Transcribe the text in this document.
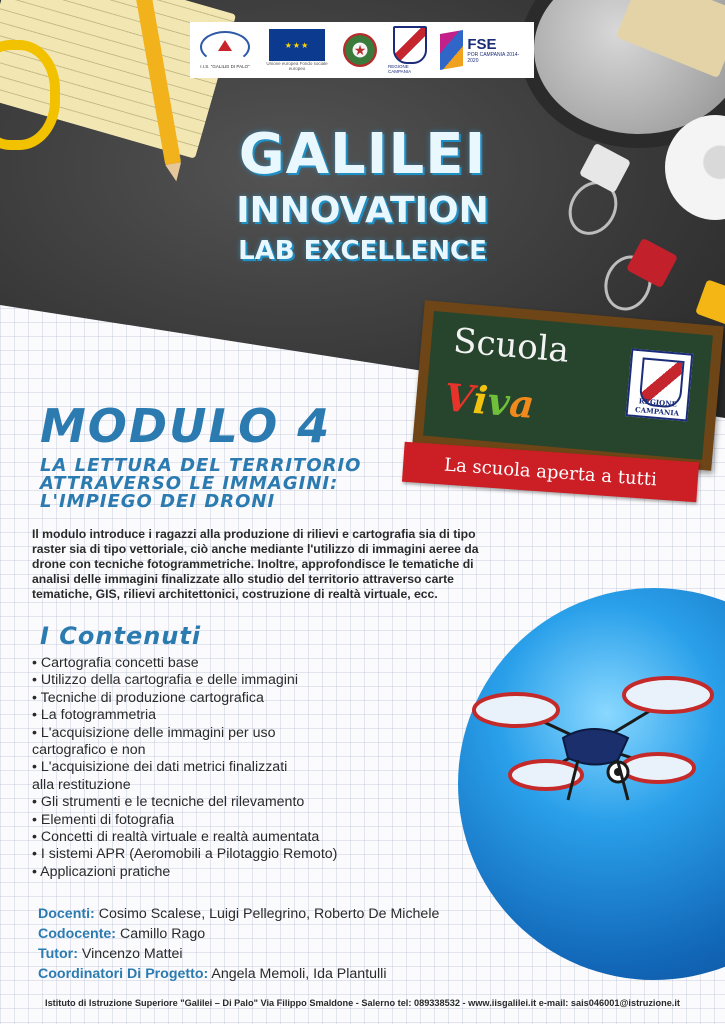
I.I.S. "GALILEI DI PALO"
★★★
Unione europea Fondo sociale europeo
★
REGIONE CAMPANIA
FSE
POR CAMPANIA 2014-2020
GALILEI
INNOVATION
LAB EXCELLENCE
Scuola
Viva	REGIONE CAMPANIA
La scuola aperta a tutti
MODULO 4
LA LETTURA DEL TERRITORIO
ATTRAVERSO LE IMMAGINI:
L'IMPIEGO DEI DRONI
Il modulo introduce i ragazzi alla produzione di rilievi e cartografia sia di tipo
raster sia di tipo vettoriale, ciò anche mediante l'utilizzo di immagini aeree da
drone con tecniche fotogrammetriche. Inoltre, approfondisce le tematiche di
analisi delle immagini finalizzate allo studio del territorio attraverso carte
tematiche, GIS, rilievi architettonici, costruzione di realtà virtuale, ecc.
I Contenuti
• Cartografia concetti base
• Utilizzo della cartografia e delle immagini
• Tecniche di produzione cartografica
• La fotogrammetria
• L'acquisizione delle immagini per uso
cartografico e non
• L'acquisizione dei dati metrici finalizzati
alla restituzione
• Gli strumenti e le tecniche del rilevamento
• Elementi di fotografia
• Concetti di realtà virtuale e realtà aumentata
• I sistemi APR (Aeromobili a Pilotaggio Remoto)
• Applicazioni pratiche

Docenti: Cosimo Scalese, Luigi Pellegrino, Roberto De Michele

Codocente: Camillo Rago

Tutor: Vincenzo Mattei

Coordinatori Di Progetto: Angela Memoli, Ida Plantulli

Istituto di Istruzione Superiore "Galilei – Di Palo" Via Filippo Smaldone - Salerno tel: 089338532 - www.iisgalilei.it e-mail: sais046001@istruzione.it
